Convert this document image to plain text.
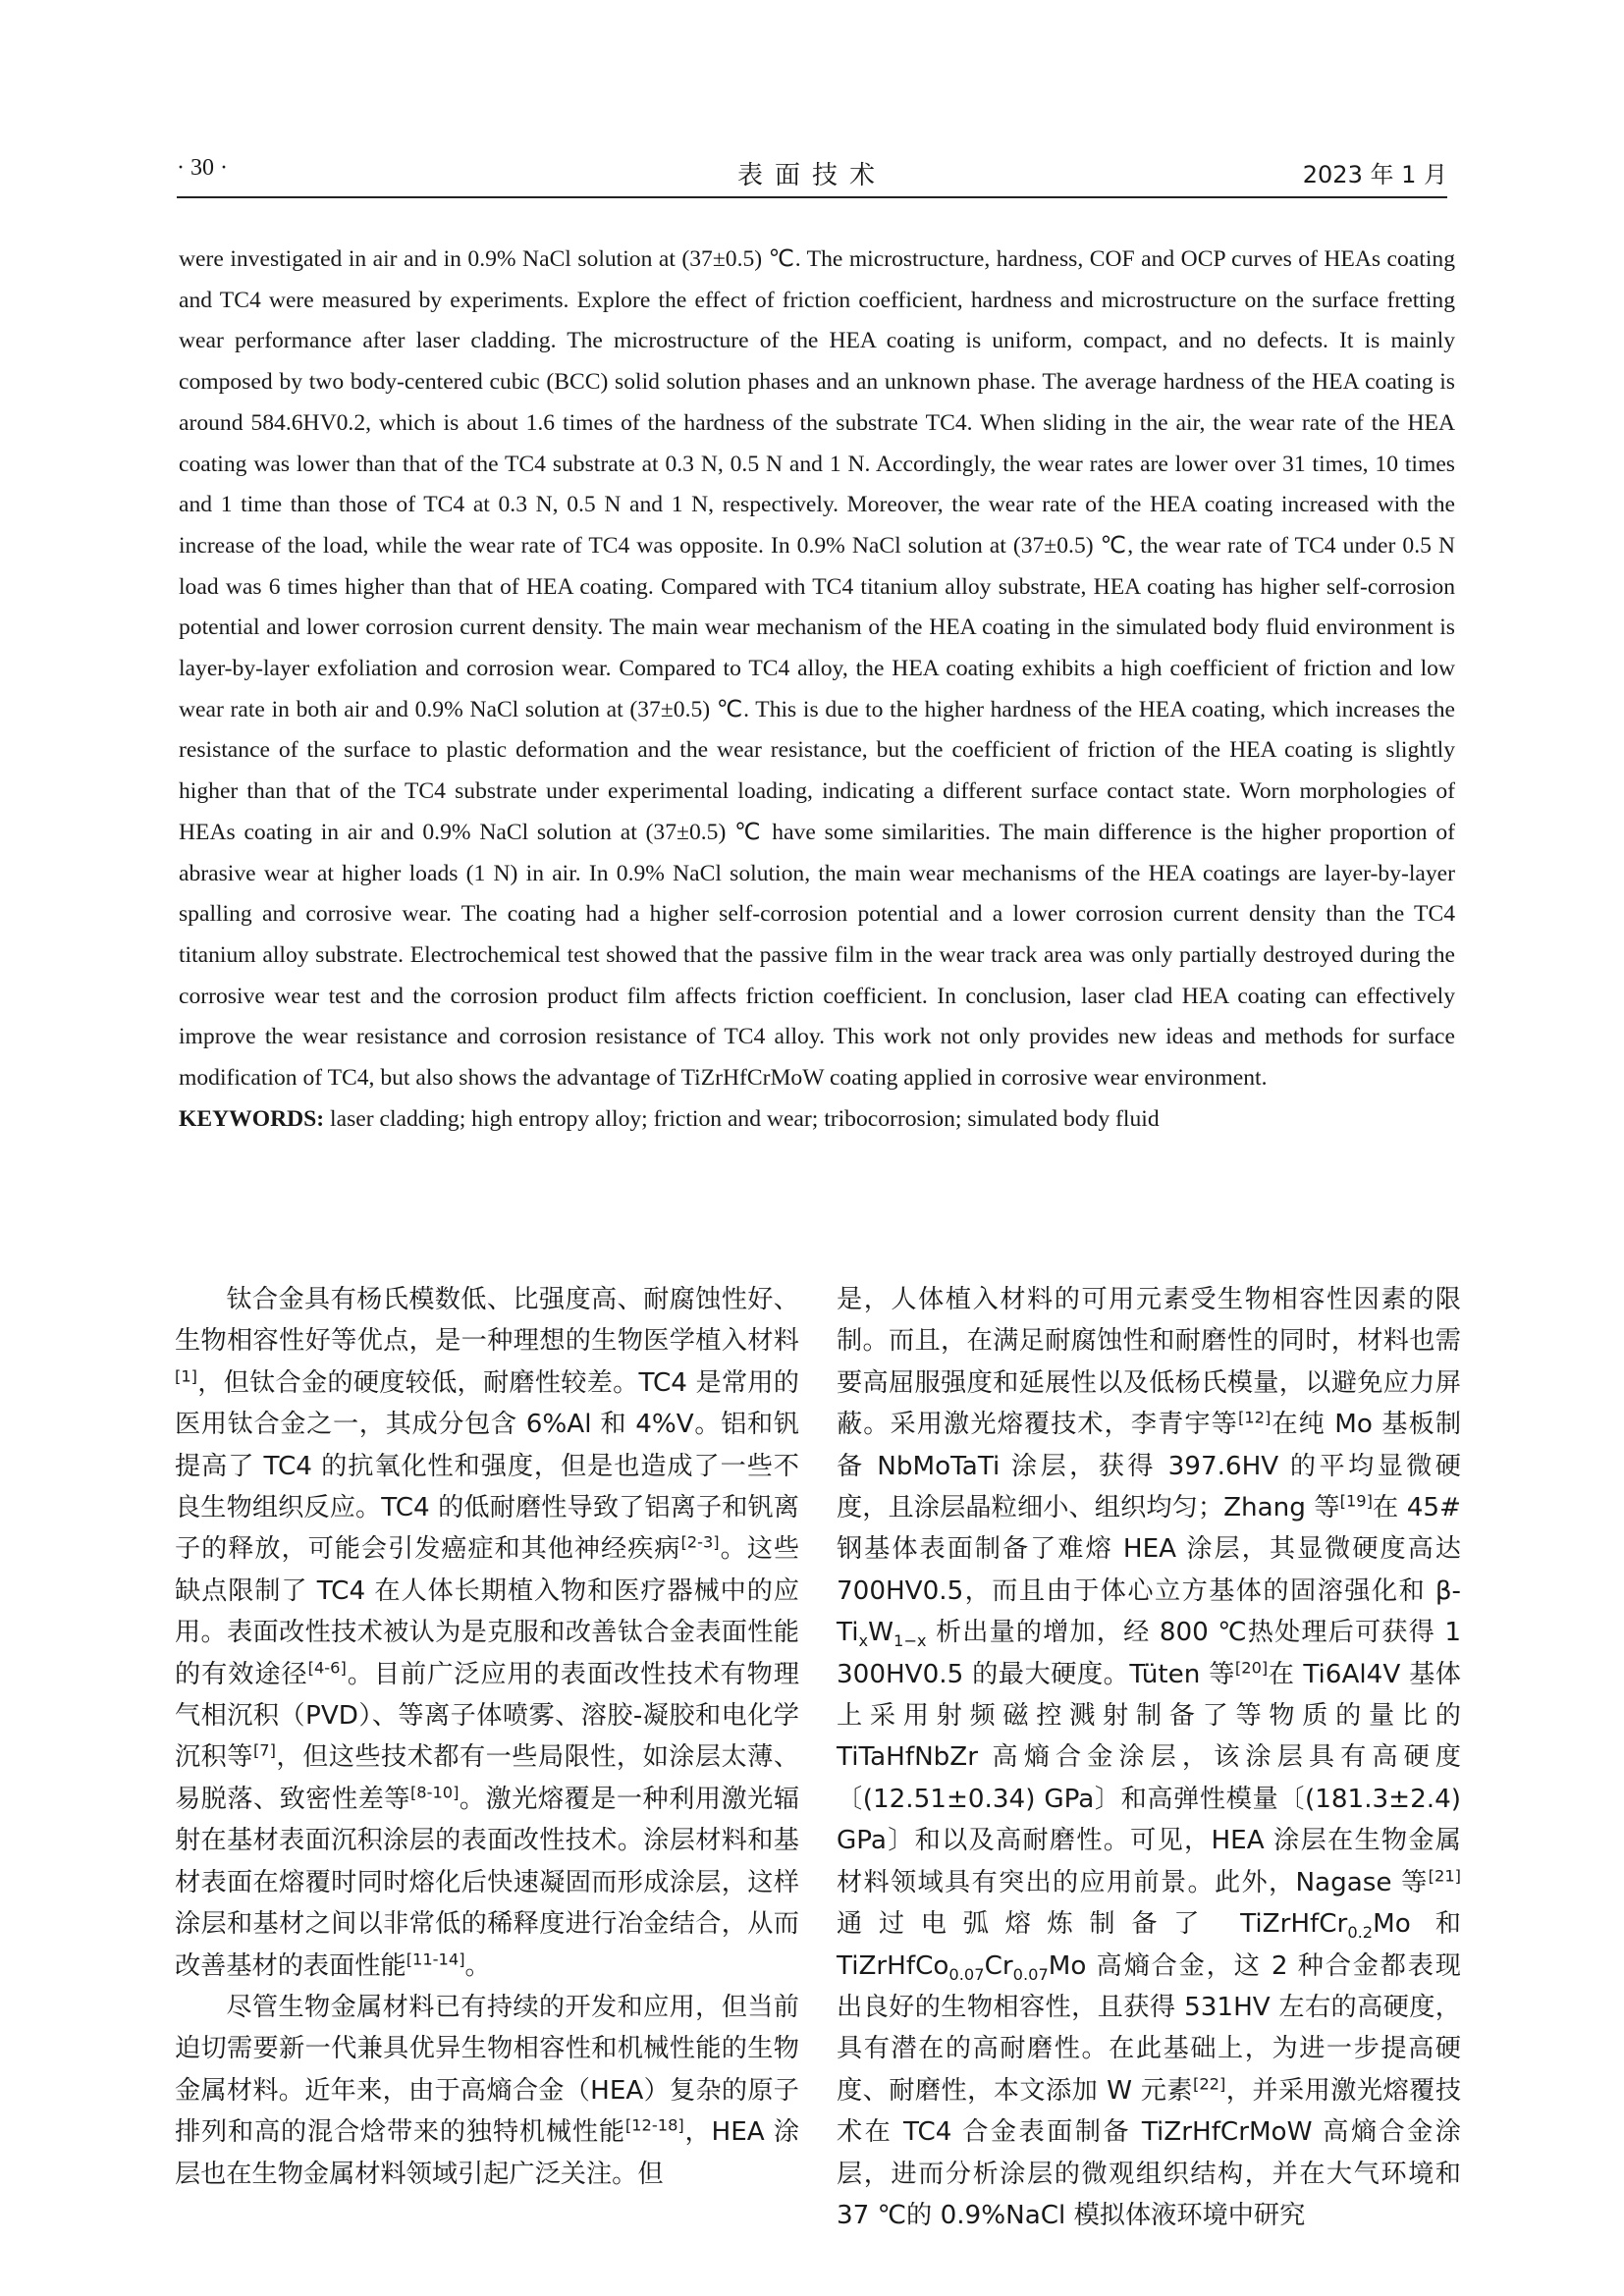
· 30 ·	表面技术	2023 年 1 月

were investigated in air and in 0.9% NaCl solution at (37±0.5) ℃. The microstructure, hardness, COF and OCP curves of HEAs coating and TC4 were measured by experiments. Explore the effect of friction coefficient, hardness and microstructure on the surface fretting wear performance after laser cladding. The microstructure of the HEA coating is uniform, compact, and no defects. It is mainly composed by two body-centered cubic (BCC) solid solution phases and an unknown phase. The average hardness of the HEA coating is around 584.6HV0.2, which is about 1.6 times of the hardness of the substrate TC4. When sliding in the air, the wear rate of the HEA coating was lower than that of the TC4 substrate at 0.3 N, 0.5 N and 1 N. Accordingly, the wear rates are lower over 31 times, 10 times and 1 time than those of TC4 at 0.3 N, 0.5 N and 1 N, respectively. Moreover, the wear rate of the HEA coating increased with the increase of the load, while the wear rate of TC4 was opposite. In 0.9% NaCl solution at (37±0.5) ℃, the wear rate of TC4 under 0.5 N load was 6 times higher than that of HEA coating. Compared with TC4 titanium alloy substrate, HEA coating has higher self-corrosion potential and lower corrosion current density. The main wear mechanism of the HEA coating in the simulated body fluid environment is layer-by-layer exfoliation and corrosion wear. Compared to TC4 alloy, the HEA coating exhibits a high coefficient of friction and low wear rate in both air and 0.9% NaCl solution at (37±0.5) ℃. This is due to the higher hardness of the HEA coating, which increases the resistance of the surface to plastic deformation and the wear resistance, but the coefficient of friction of the HEA coating is slightly higher than that of the TC4 substrate under experimental loading, indicating a different surface contact state. Worn morphologies of HEAs coating in air and 0.9% NaCl solution at (37±0.5) ℃ have some similarities. The main difference is the higher proportion of abrasive wear at higher loads (1 N) in air. In 0.9% NaCl solution, the main wear mechanisms of the HEA coatings are layer-by-layer spalling and corrosive wear. The coating had a higher self-corrosion potential and a lower corrosion current density than the TC4 titanium alloy substrate. Electrochemical test showed that the passive film in the wear track area was only partially destroyed during the corrosive wear test and the corrosion product film affects friction coefficient. In conclusion, laser clad HEA coating can effectively improve the wear resistance and corrosion resistance of TC4 alloy. This work not only provides new ideas and methods for surface modification of TC4, but also shows the advantage of TiZrHfCrMoW coating applied in corrosive wear environment.

KEYWORDS: laser cladding; high entropy alloy; friction and wear; tribocorrosion; simulated body fluid

钛合金具有杨氏模数低、比强度高、耐腐蚀性好、生物相容性好等优点，是一种理想的生物医学植入材料[1]，但钛合金的硬度较低，耐磨性较差。TC4 是常用的医用钛合金之一，其成分包含 6%Al 和 4%V。铝和钒提高了 TC4 的抗氧化性和强度，但是也造成了一些不良生物组织反应。TC4 的低耐磨性导致了铝离子和钒离子的释放，可能会引发癌症和其他神经疾病[2-3]。这些缺点限制了 TC4 在人体长期植入物和医疗器械中的应用。表面改性技术被认为是克服和改善钛合金表面性能的有效途径[4-6]。目前广泛应用的表面改性技术有物理气相沉积（PVD）、等离子体喷雾、溶胶-凝胶和电化学沉积等[7]，但这些技术都有一些局限性，如涂层太薄、易脱落、致密性差等[8-10]。激光熔覆是一种利用激光辐射在基材表面沉积涂层的表面改性技术。涂层材料和基材表面在熔覆时同时熔化后快速凝固而形成涂层，这样涂层和基材之间以非常低的稀释度进行冶金结合，从而改善基材的表面性能[11-14]。

尽管生物金属材料已有持续的开发和应用，但当前迫切需要新一代兼具优异生物相容性和机械性能的生物金属材料。近年来，由于高熵合金（HEA）复杂的原子排列和高的混合焓带来的独特机械性能[12-18]，HEA 涂层也在生物金属材料领域引起广泛关注。但

是，人体植入材料的可用元素受生物相容性因素的限制。而且，在满足耐腐蚀性和耐磨性的同时，材料也需要高屈服强度和延展性以及低杨氏模量，以避免应力屏蔽。采用激光熔覆技术，李青宇等[12]在纯 Mo 基板制备 NbMoTaTi 涂层，获得 397.6HV 的平均显微硬度，且涂层晶粒细小、组织均匀；Zhang 等[19]在 45# 钢基体表面制备了难熔 HEA 涂层，其显微硬度高达 700HV0.5，而且由于体心立方基体的固溶强化和 $\beta-Ti_xW_{1-x}$ 析出量的增加，经 800 ℃热处理后可获得 1 300HV0.5 的最大硬度。Tüten 等[20]在 Ti6Al4V 基体上采用射频磁控溅射制备了等物质的量比的 TiTaHfNbZr 高熵合金涂层，该涂层具有高硬度〔(12.51±0.34) GPa〕和高弹性模量〔(181.3±2.4) GPa〕和以及高耐磨性。可见，HEA 涂层在生物金属材料领域具有突出的应用前景。此外，Nagase 等[21]通过电弧熔炼制备了 TiZrHfCr$_{0.2}$Mo 和 $TiZrHfCo_{0.07}Cr_{0.07}Mo$ 高熵合金，这 2 种合金都表现出良好的生物相容性，且获得 531HV 左右的高硬度，具有潜在的高耐磨性。在此基础上，为进一步提高硬度、耐磨性，本文添加 W 元素[22]，并采用激光熔覆技术在 TC4 合金表面制备 TiZrHfCrMoW 高熵合金涂层，进而分析涂层的微观组织结构，并在大气环境和 37 ℃的 0.9%NaCl 模拟体液环境中研究
